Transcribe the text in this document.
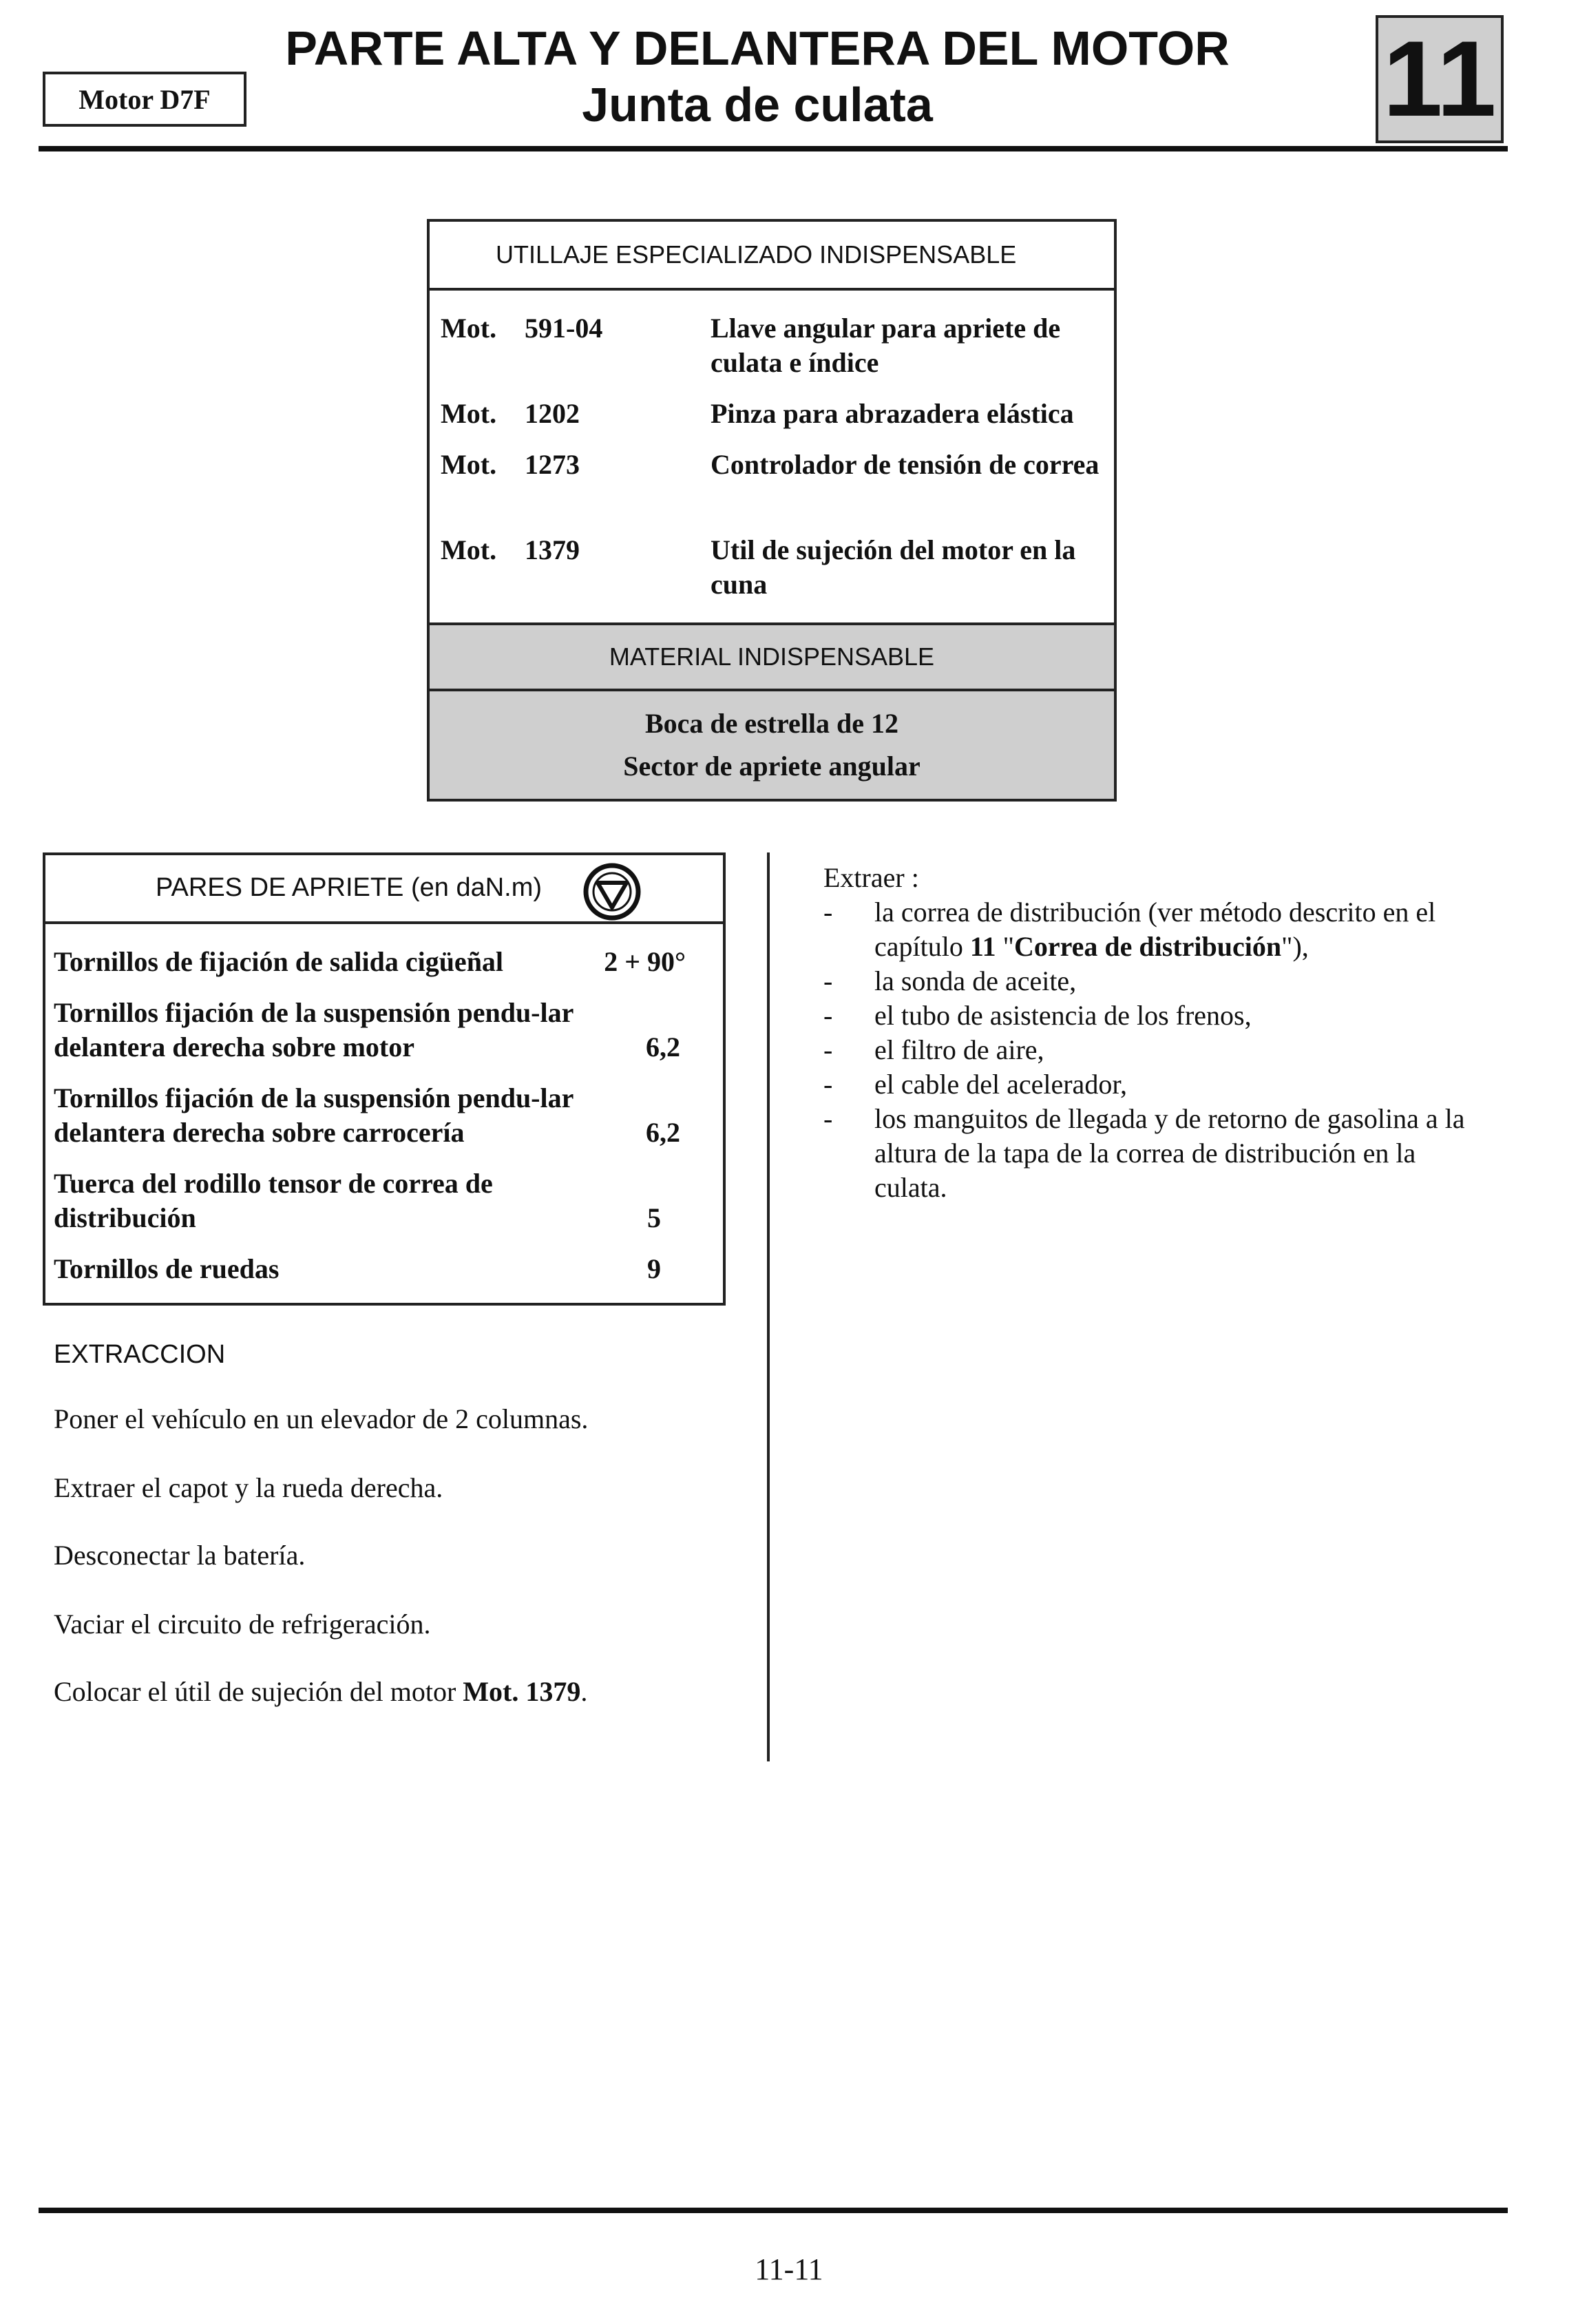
Motor D7F
PARTE ALTA Y DELANTERA DEL MOTOR
Junta de culata	11
UTILLAJE ESPECIALIZADO INDISPENSABLE
Mot. 591-04	Llave angular para apriete de culata e índice
Mot. 1202	Pinza para abrazadera elástica
Mot. 1273	Controlador de tensión de correa
Mot. 1379	Util de sujeción del motor en la cuna
MATERIAL INDISPENSABLE
Boca de estrella de 12
Sector de apriete angular
PARES DE APRIETE (en daN.m)
Tornillos de fijación de salida cigüeñal	2 + 90°
Tornillos fijación de la suspensión pendu-lar delantera derecha sobre motor	6,2
Tornillos fijación de la suspensión pendu-lar delantera derecha sobre carrocería	6,2
Tuerca del rodillo tensor de correa de distribución	5
Tornillos de ruedas	9
Extraer :
- la correa de distribución (ver método descrito en el capítulo 11 "Correa de distribución"),
- la sonda de aceite,
- el tubo de asistencia de los frenos,
- el filtro de aire,
- el cable del acelerador,
- los manguitos de llegada y de retorno de gasolina a la altura de la tapa de la correa de distribución en la culata.
EXTRACCION
Poner el vehículo en un elevador de 2 columnas.
Extraer el capot y la rueda derecha.
Desconectar la batería.
Vaciar el circuito de refrigeración.
Colocar el útil de sujeción del motor Mot. 1379.
11-11
